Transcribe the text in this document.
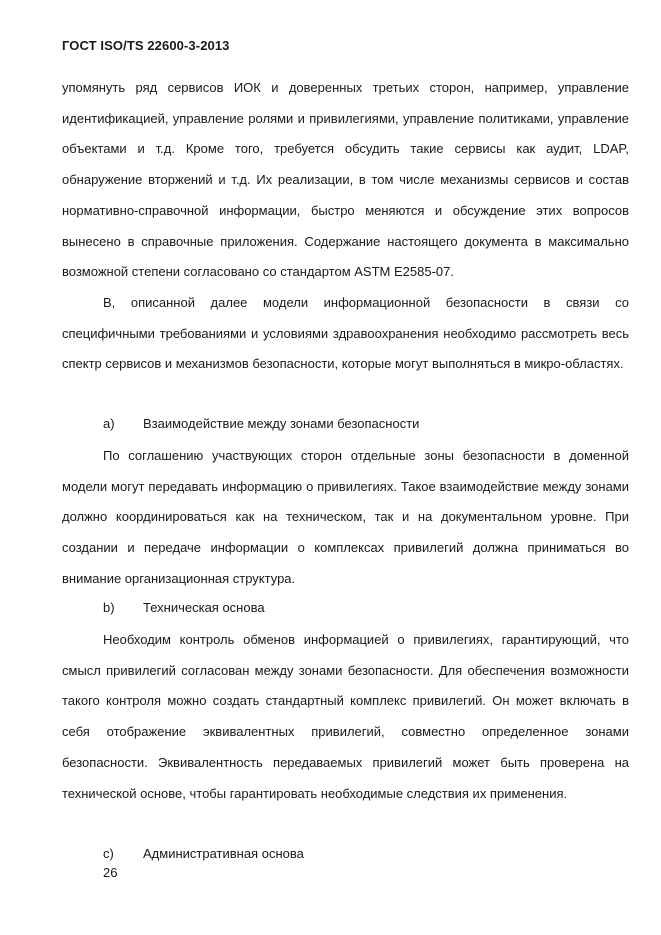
ГОСТ ISO/TS 22600-3-2013

упомянуть ряд сервисов ИОК и доверенных третьих сторон, например, управление идентификацией, управление ролями и привилегиями, управление политиками, управление объектами и т.д. Кроме того, требуется обсудить такие сервисы как аудит, LDAP, обнаружение вторжений и т.д. Их реализации, в том числе механизмы сервисов и состав нормативно-справочной информации, быстро меняются и обсуждение этих вопросов вынесено в справочные приложения. Содержание настоящего документа в максимально возможной степени согласовано со стандартом ASTM E2585-07.

В, описанной далее модели информационной безопасности в связи со специфичными требованиями и условиями здравоохранения необходимо рассмотреть весь спектр сервисов и механизмов безопасности, которые могут выполняться в микро-областях.

a) Взаимодействие между зонами безопасности

По соглашению участвующих сторон отдельные зоны безопасности в доменной модели могут передавать информацию о привилегиях. Такое взаимодействие между зонами должно координироваться как на техническом, так и на документальном уровне. При создании и передаче информации о комплексах привилегий должна приниматься во внимание организационная структура.

b) Техническая основа

Необходим контроль обменов информацией о привилегиях, гарантирующий, что смысл привилегий согласован между зонами безопасности. Для обеспечения возможности такого контроля можно создать стандартный комплекс привилегий. Он может включать в себя отображение эквивалентных привилегий, совместно определенное зонами безопасности. Эквивалентность передаваемых привилегий может быть проверена на технической основе, чтобы гарантировать необходимые следствия их применения.

c) Административная основа
26
